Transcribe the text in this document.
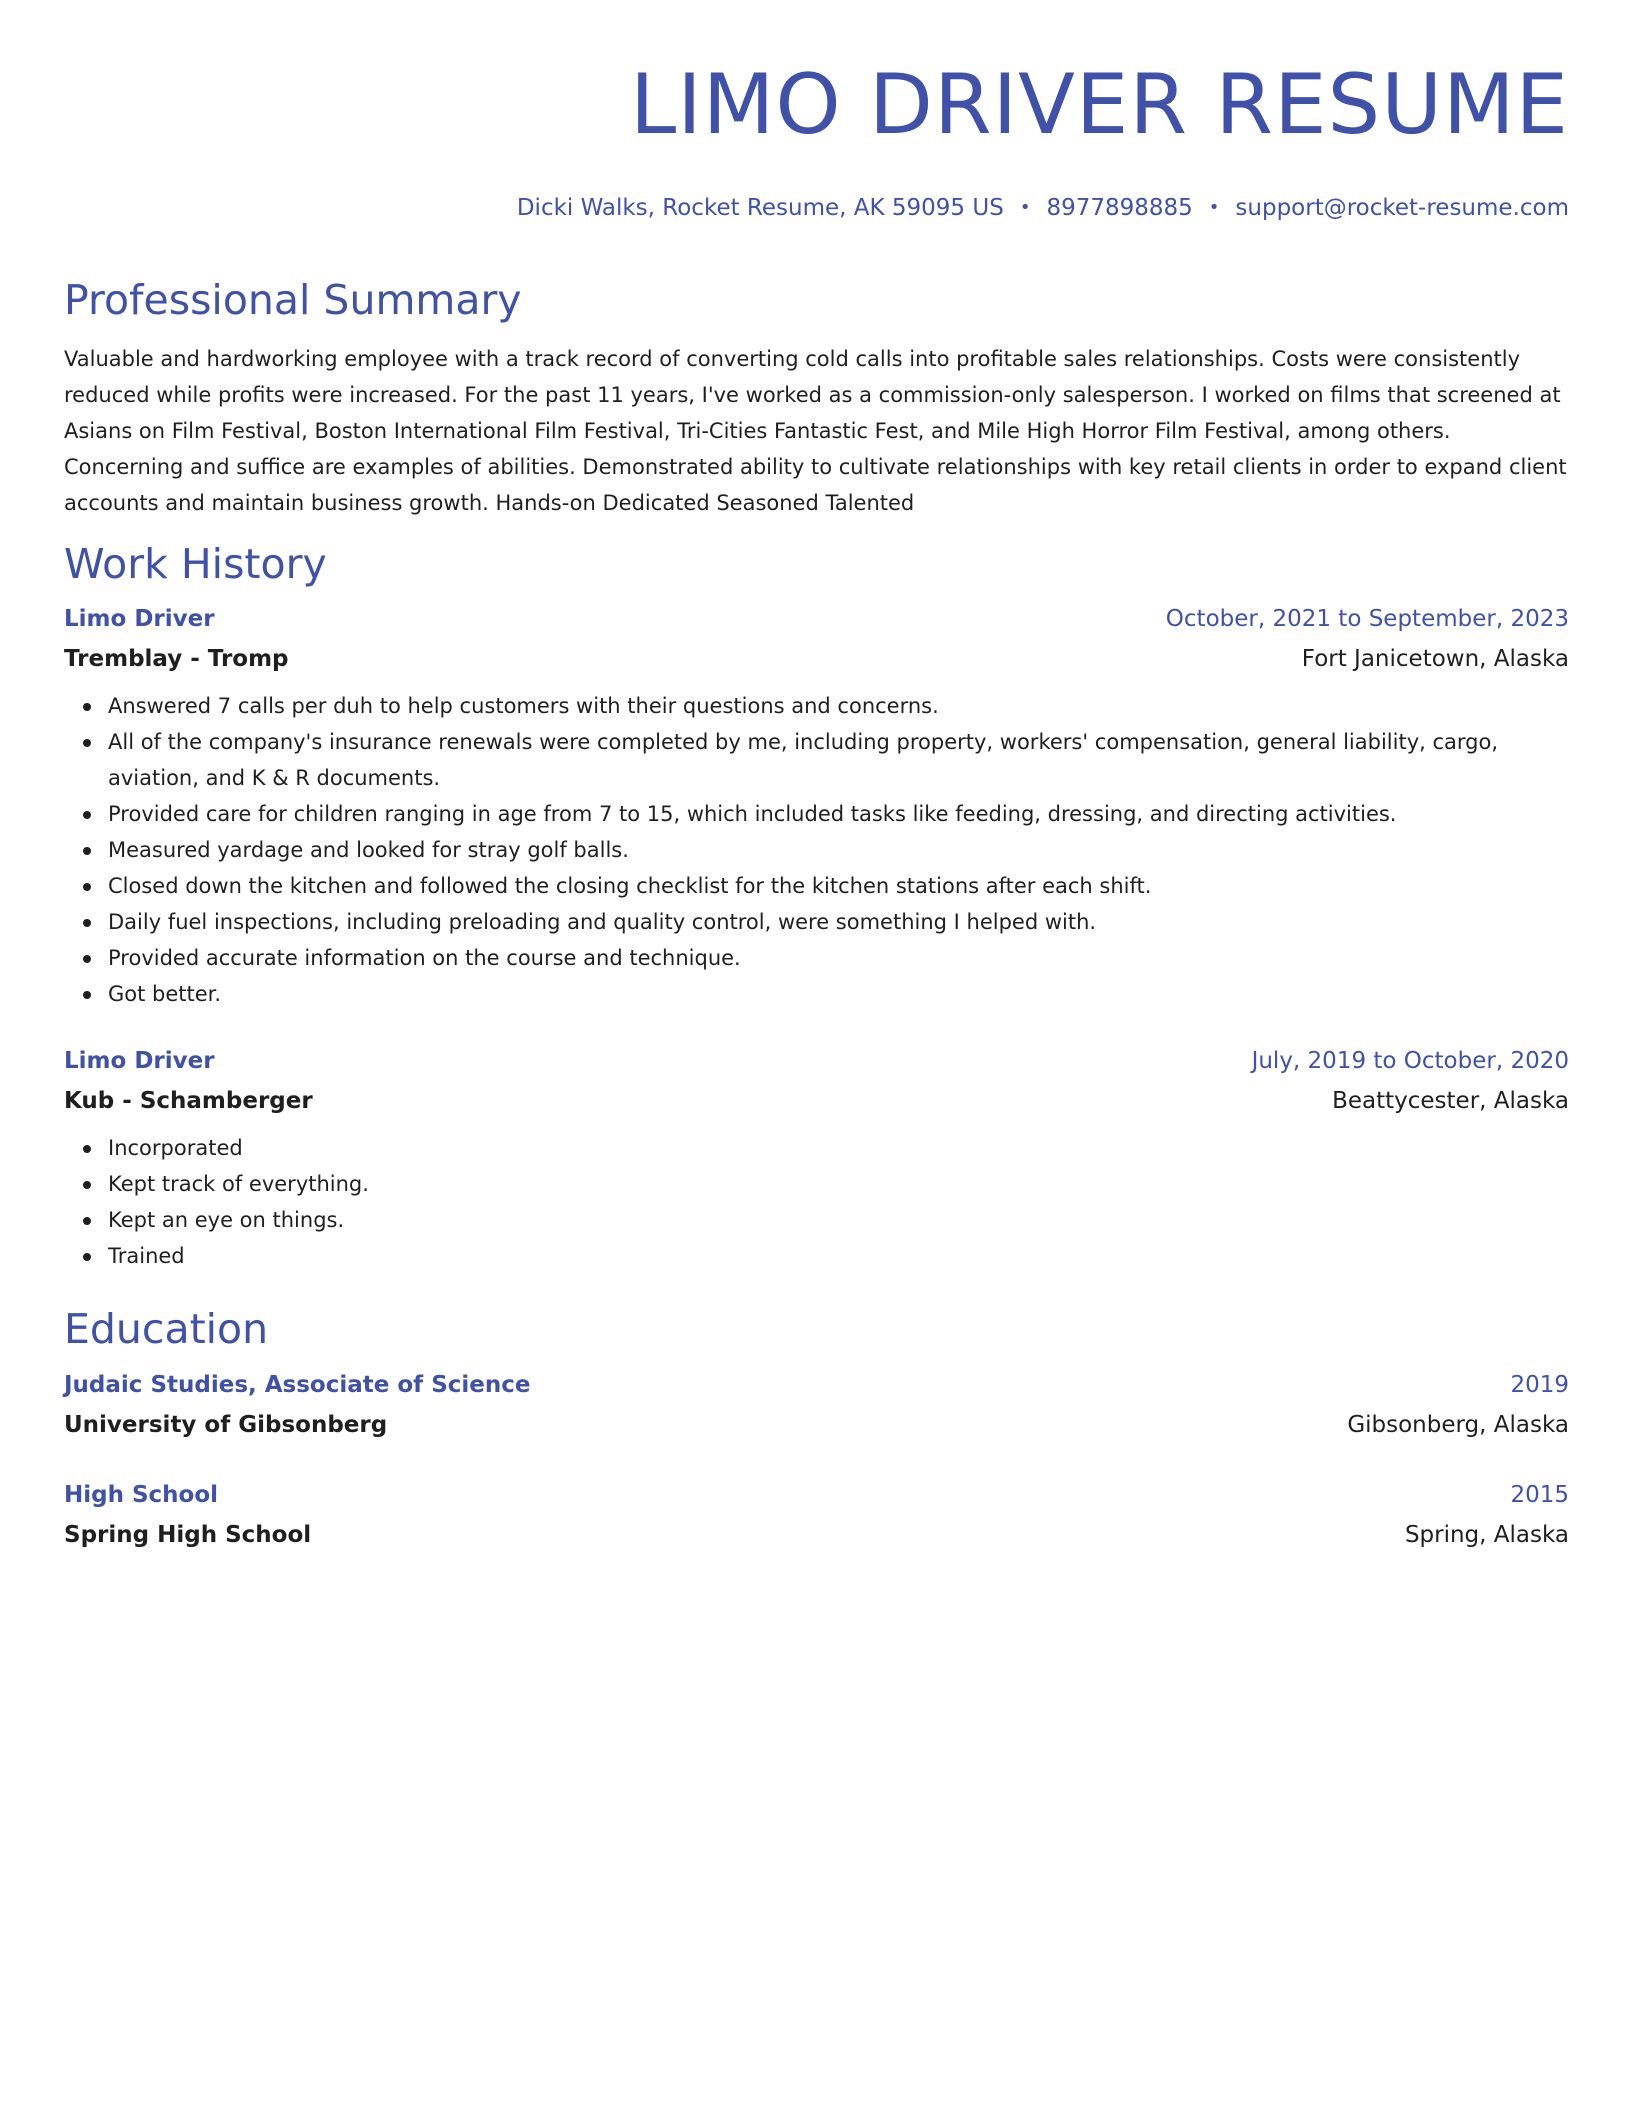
LIMO DRIVER RESUME
Dicki Walks, Rocket Resume, AK 59095 US • 8977898885 • support@rocket-resume.com
Professional Summary

Valuable and hardworking employee with a track record of converting cold calls into profitable sales relationships. Costs were consistently reduced while profits were increased. For the past 11 years, I've worked as a commission-only salesperson. I worked on films that screened at Asians on Film Festival, Boston International Film Festival, Tri-Cities Fantastic Fest, and Mile High Horror Film Festival, among others. Concerning and suffice are examples of abilities. Demonstrated ability to cultivate relationships with key retail clients in order to expand client accounts and maintain business growth. Hands-on Dedicated Seasoned Talented

Work History
Limo Driver	October, 2021 to September, 2023
Tremblay - Tromp	Fort Janicetown, Alaska
Answered 7 calls per duh to help customers with their questions and concerns.
All of the company's insurance renewals were completed by me, including property, workers' compensation, general liability, cargo, aviation, and K & R documents.
Provided care for children ranging in age from 7 to 15, which included tasks like feeding, dressing, and directing activities.
Measured yardage and looked for stray golf balls.
Closed down the kitchen and followed the closing checklist for the kitchen stations after each shift.
Daily fuel inspections, including preloading and quality control, were something I helped with.
Provided accurate information on the course and technique.
Got better.
Limo Driver	July, 2019 to October, 2020
Kub - Schamberger	Beattycester, Alaska
Incorporated
Kept track of everything.
Kept an eye on things.
Trained
Education
Judaic Studies, Associate of Science	2019
University of Gibsonberg	Gibsonberg, Alaska
High School	2015
Spring High School	Spring, Alaska
